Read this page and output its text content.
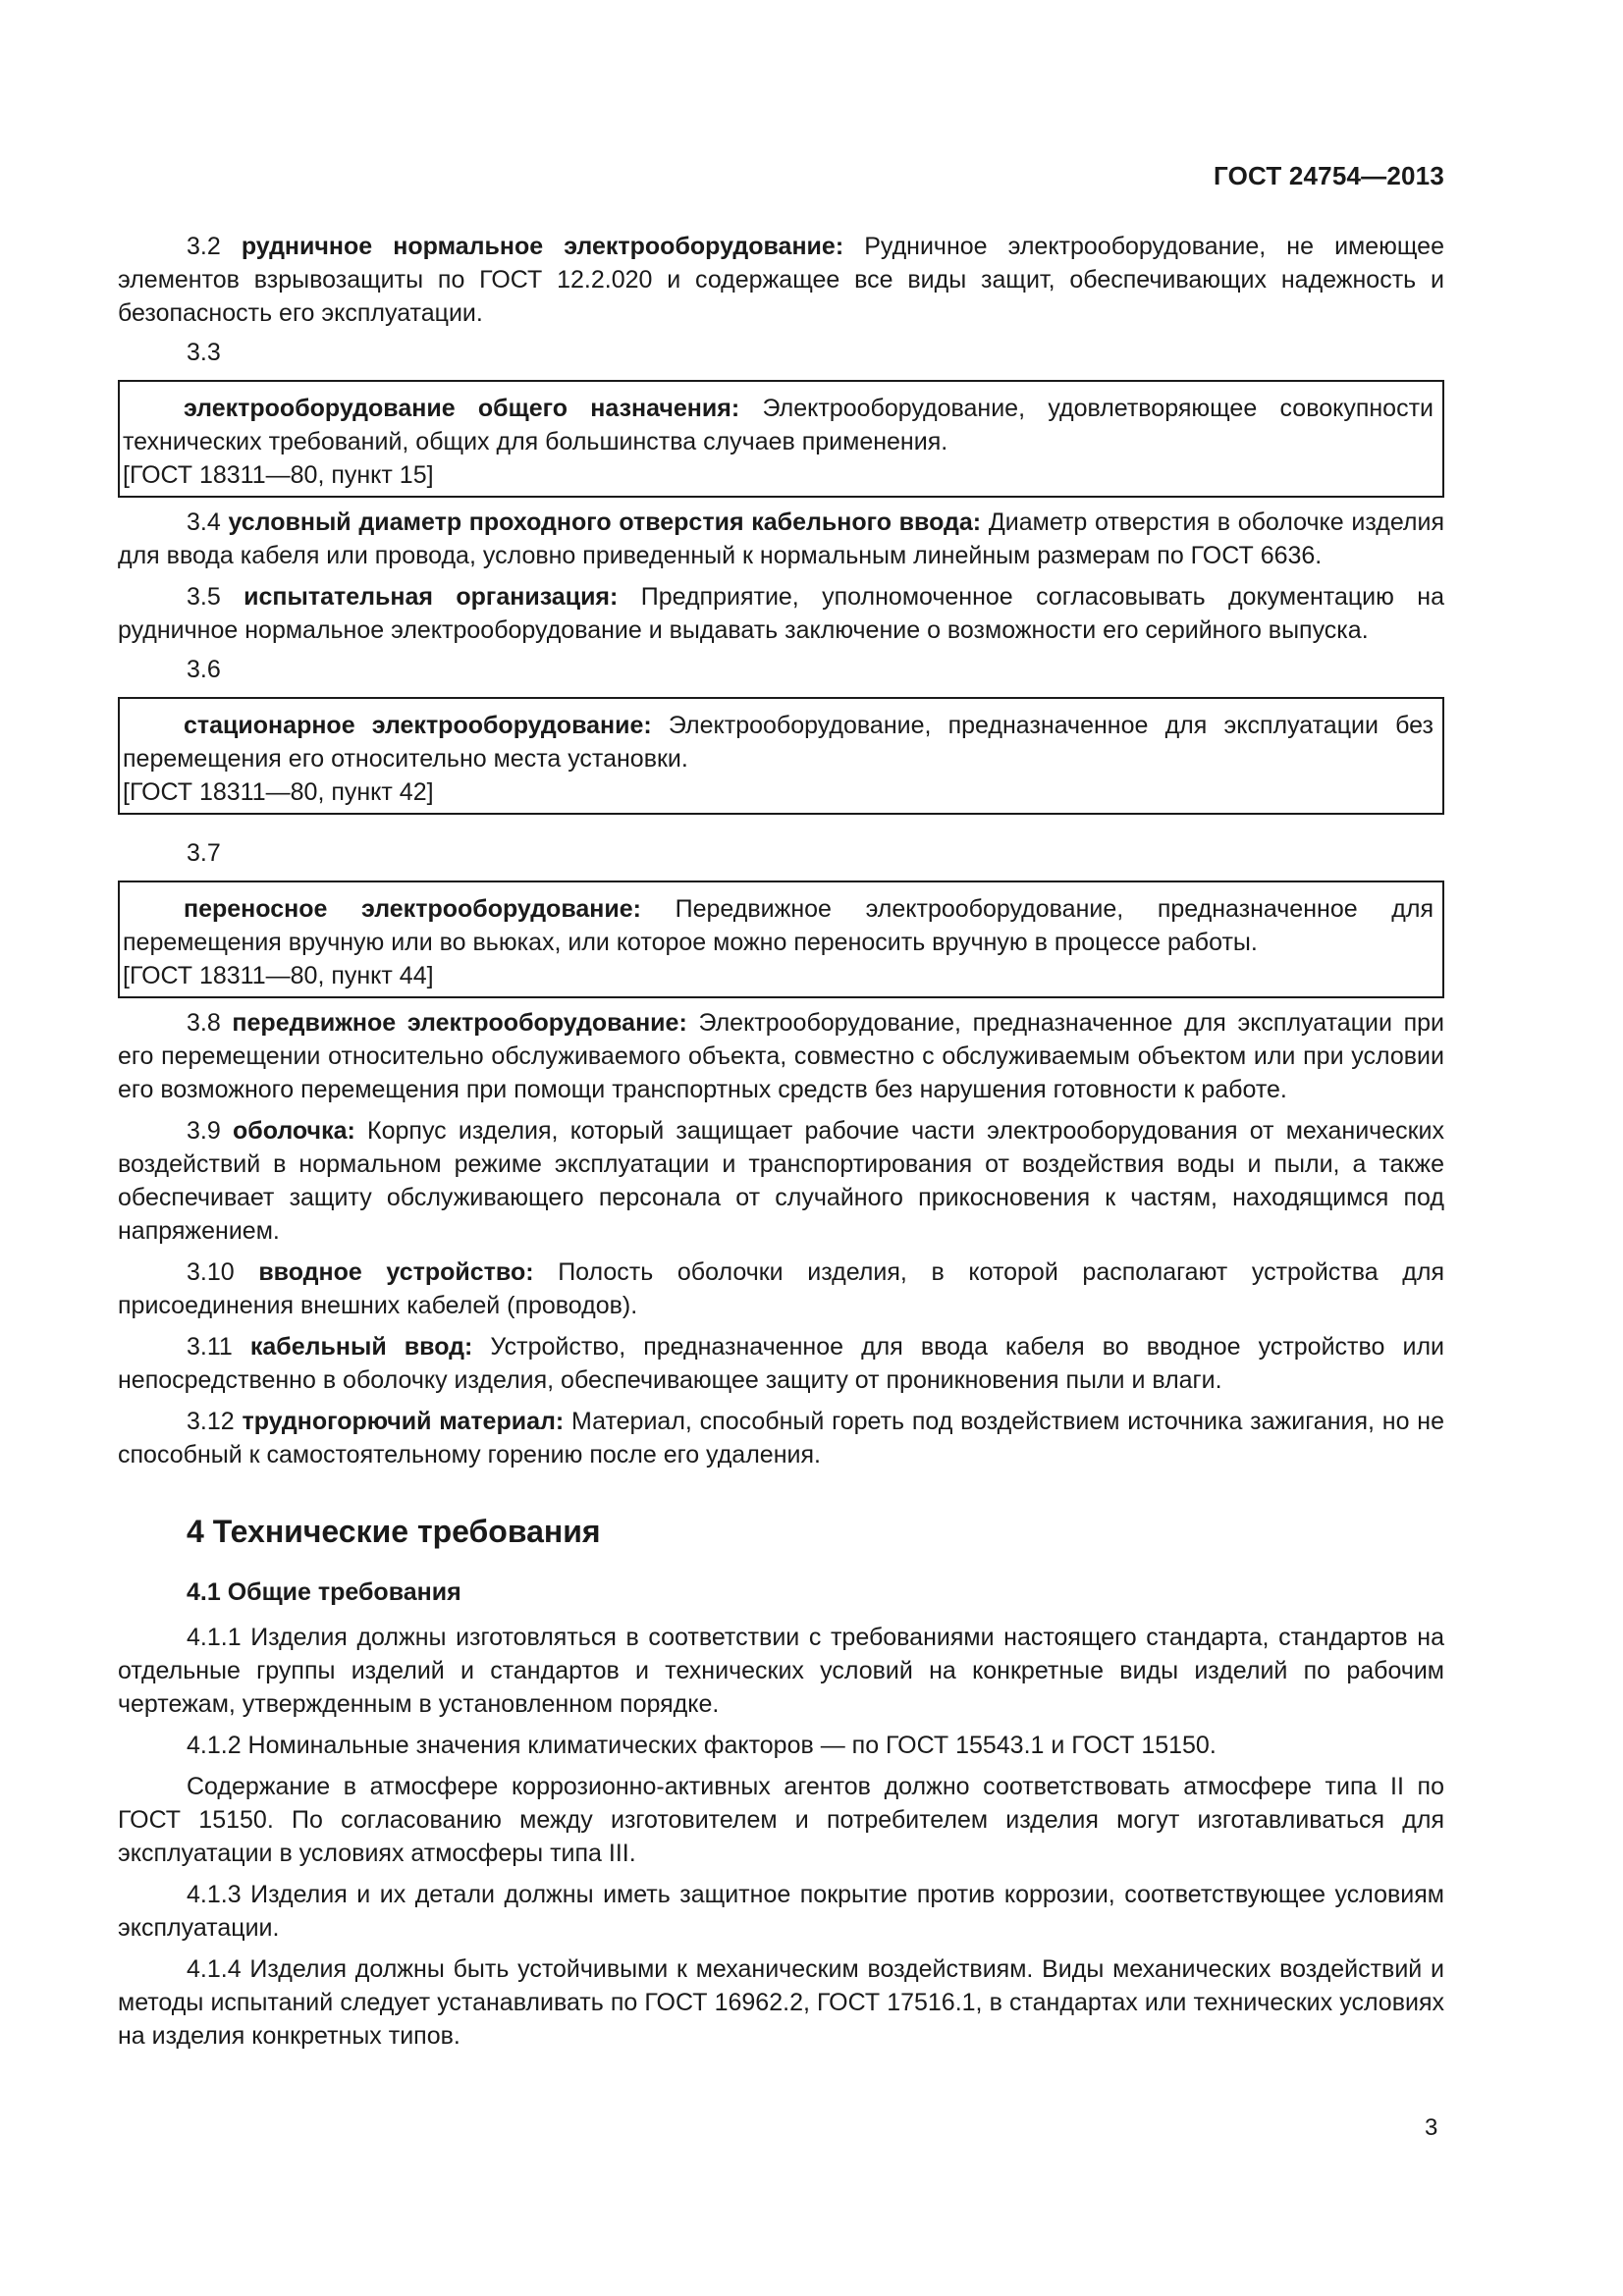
ГОСТ 24754—2013

3.2 рудничное нормальное электрооборудование: Рудничное электрооборудование, не имеющее элементов взрывозащиты по ГОСТ 12.2.020 и содержащее все виды защит, обеспечивающих надежность и безопасность его эксплуатации.

3.3

электрооборудование общего назначения: Электрооборудование, удовлетворяющее совокупности технических требований, общих для большинства случаев применения.

[ГОСТ 18311—80, пункт 15]

3.4 условный диаметр проходного отверстия кабельного ввода: Диаметр отверстия в оболочке изделия для ввода кабеля или провода, условно приведенный к нормальным линейным размерам по ГОСТ 6636.

3.5 испытательная организация: Предприятие, уполномоченное согласовывать документацию на рудничное нормальное электрооборудование и выдавать заключение о возможности его серийного выпуска.

3.6

стационарное электрооборудование: Электрооборудование, предназначенное для эксплуатации без перемещения его относительно места установки.

[ГОСТ 18311—80, пункт 42]

3.7

переносное электрооборудование: Передвижное электрооборудование, предназначенное для перемещения вручную или во вьюках, или которое можно переносить вручную в процессе работы.

[ГОСТ 18311—80, пункт 44]

3.8 передвижное электрооборудование: Электрооборудование, предназначенное для эксплуатации при его перемещении относительно обслуживаемого объекта, совместно с обслуживаемым объектом или при условии его возможного перемещения при помощи транспортных средств без нарушения готовности к работе.

3.9 оболочка: Корпус изделия, который защищает рабочие части электрооборудования от механических воздействий в нормальном режиме эксплуатации и транспортирования от воздействия воды и пыли, а также обеспечивает защиту обслуживающего персонала от случайного прикосновения к частям, находящимся под напряжением.

3.10 вводное устройство: Полость оболочки изделия, в которой располагают устройства для присоединения внешних кабелей (проводов).

3.11 кабельный ввод: Устройство, предназначенное для ввода кабеля во вводное устройство или непосредственно в оболочку изделия, обеспечивающее защиту от проникновения пыли и влаги.

3.12 трудногорючий материал: Материал, способный гореть под воздействием источника зажигания, но не способный к самостоятельному горению после его удаления.

4 Технические требования
4.1 Общие требования

4.1.1 Изделия должны изготовляться в соответствии с требованиями настоящего стандарта, стандартов на отдельные группы изделий и стандартов и технических условий на конкретные виды изделий по рабочим чертежам, утвержденным в установленном порядке.

4.1.2 Номинальные значения климатических факторов — по ГОСТ 15543.1 и ГОСТ 15150.

Содержание в атмосфере коррозионно-активных агентов должно соответствовать атмосфере типа II по ГОСТ 15150. По согласованию между изготовителем и потребителем изделия могут изготавливаться для эксплуатации в условиях атмосферы типа III.

4.1.3 Изделия и их детали должны иметь защитное покрытие против коррозии, соответствующее условиям эксплуатации.

4.1.4 Изделия должны быть устойчивыми к механическим воздействиям. Виды механических воздействий и методы испытаний следует устанавливать по ГОСТ 16962.2, ГОСТ 17516.1, в стандартах или технических условиях на изделия конкретных типов.

3
